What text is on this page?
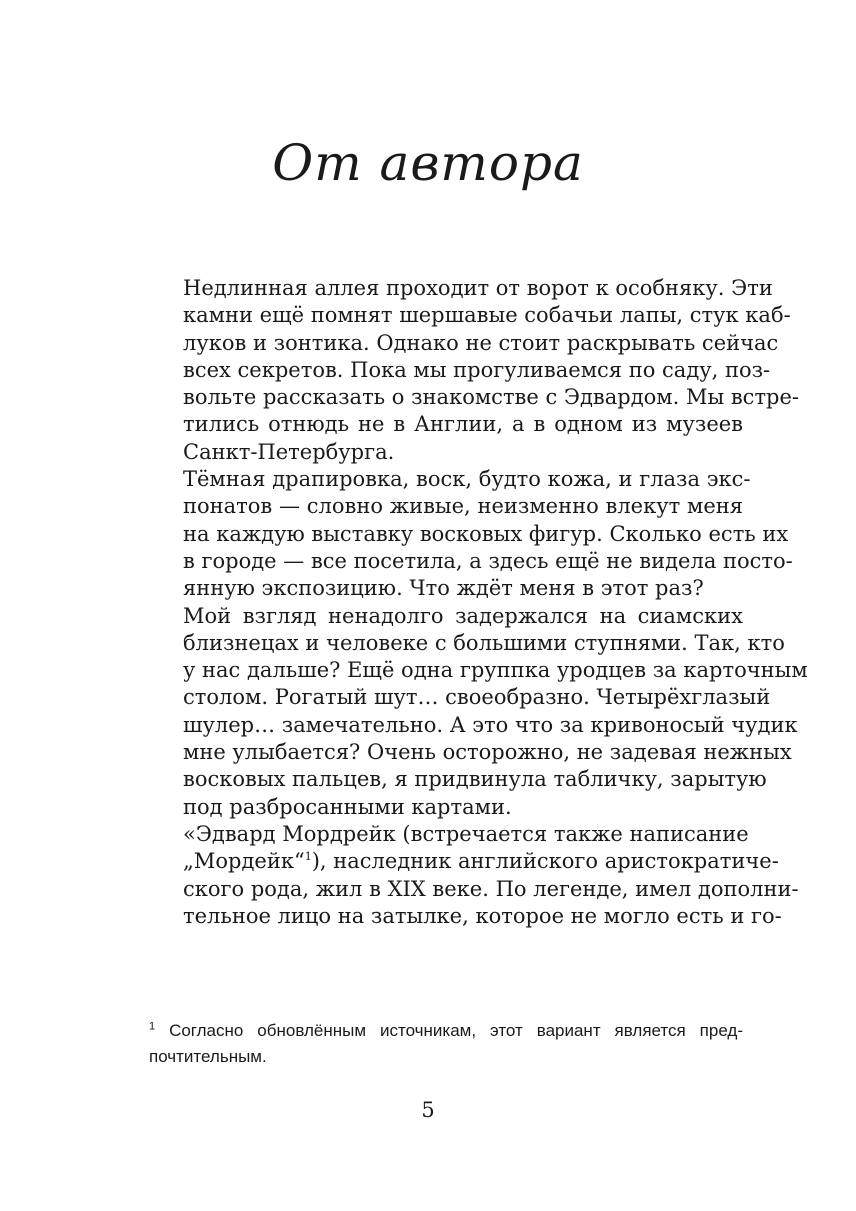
От автора

Недлинная аллея проходит от ворот к особняку. Эти
камни ещё помнят шершавые собачьи лапы, стук каб-
луков и зонтика. Однако не стоит раскрывать сейчас
всех секретов. Пока мы прогуливаемся по саду, поз-
вольте рассказать о знакомстве с Эдвардом. Мы встре-
тились отнюдь не в Англии, а в одном из музеев
Санкт-Петербурга.

Тёмная драпировка, воск, будто кожа, и глаза экс-
понатов — словно живые, неизменно влекут меня
на каждую выставку восковых фигур. Сколько есть их
в городе — все посетила, а здесь ещё не видела посто-
янную экспозицию. Что ждёт меня в этот раз?

Мой взгляд ненадолго задержался на сиамских
близнецах и человеке с большими ступнями. Так, кто
у нас дальше? Ещё одна группка уродцев за карточным
столом. Рогатый шут… своеобразно. Четырёхглазый
шулер… замечательно. А это что за кривоносый чудик
мне улыбается? Очень осторожно, не задевая нежных
восковых пальцев, я придвинула табличку, зарытую
под разбросанными картами.

«Эдвард Мордрейк (встречается также написание
„Мордейк“$^1$), наследник английского аристократиче-
ского рода, жил в XIX веке. По легенде, имел дополни-
тельное лицо на затылке, которое не могло есть и го-

$^1$ Согласно обновлённым источникам, этот вариант является пред-
почтительным.
5
